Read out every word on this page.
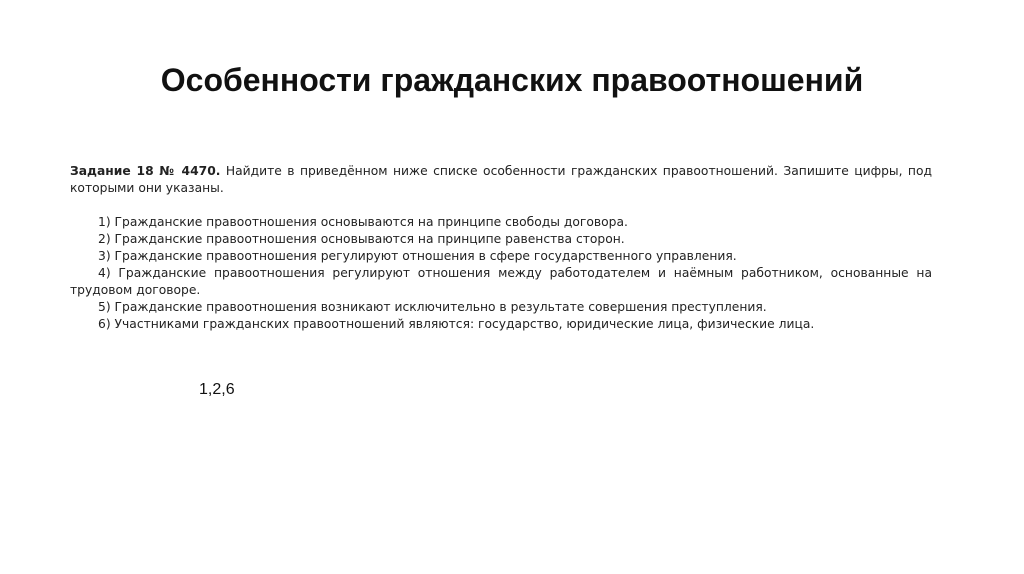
Особенности гражданских правоотношений
Задание 18 № 4470. Найдите в приведённом ниже списке особенности гражданских правоотношений. Запишите цифры, под которыми они указаны.
1) Гражданские правоотношения основываются на принципе свободы договора.
2) Гражданские правоотношения основываются на принципе равенства сторон.
3) Гражданские правоотношения регулируют отношения в сфере государственного управления.
4) Гражданские правоотношения регулируют отношения между работодателем и наёмным работником, основанные на трудовом договоре.
5) Гражданские правоотношения возникают исключительно в результате совершения преступления.
6) Участниками гражданских правоотношений являются: государство, юридические лица, физические лица.
1,2,6
